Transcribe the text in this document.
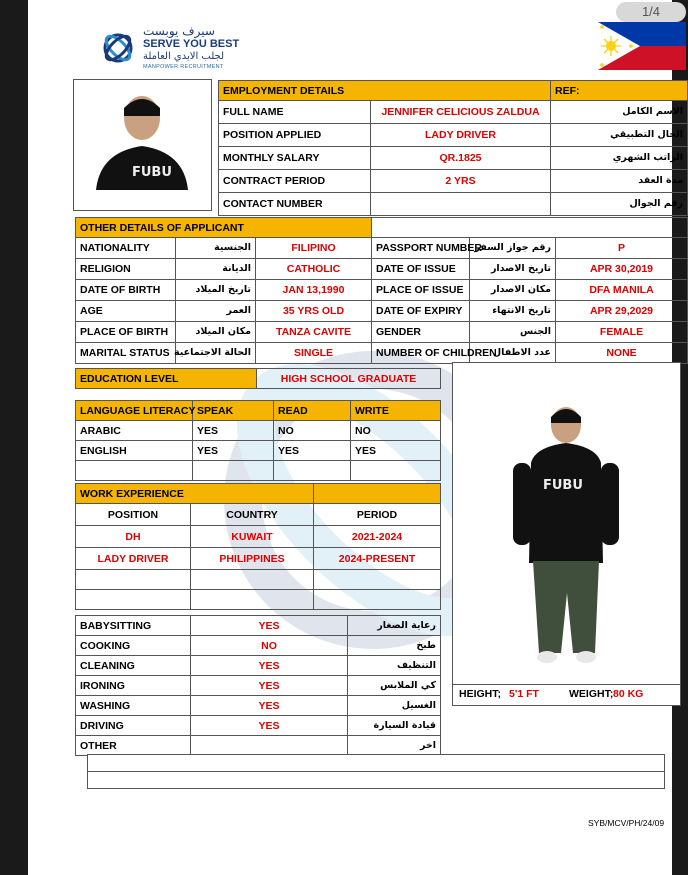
1/4
سيرف يوبست
SERVE YOU BEST
لجلب الايدي العاملة
MANPOWER RECRUITMENT
FUBU
EMPLOYMENT DETAILS		REF:
FULL NAME	JENNIFER CELICIOUS ZALDUA	الاسم الكامل
POSITION APPLIED	LADY DRIVER	الحال التطبيقي
MONTHLY SALARY	QR.1825	الراتب الشهري
CONTRACT PERIOD	2 YRS	مدة العقد
CONTACT NUMBER		رقم الجوال
OTHER DETAILS OF APPLICANT					
NATIONALITY	الجنسية	FILIPINO	PASSPORT NUMBER	رقم جواز السفر	P
RELIGION	الديانة	CATHOLIC	DATE OF ISSUE	تاريخ الاصدار	APR 30,2019
DATE OF BIRTH	تاريخ الميلاد	JAN 13,1990	PLACE OF ISSUE	مكان الاصدار	DFA MANILA
AGE	العمر	35 YRS OLD	DATE OF EXPIRY	تاريخ الانتهاء	APR 29,2029
PLACE OF BIRTH	مكان الميلاد	TANZA CAVITE	GENDER	الجنس	FEMALE
MARITAL STATUS	الحالة الاجتماعية	SINGLE	NUMBER OF CHILDREN	عدد الاطفال	NONE
EDUCATION LEVEL	HIGH SCHOOL GRADUATE
FUBU
LANGUAGE LITERACY	SPEAK	READ	WRITE
ARABIC	YES	NO	NO
ENGLISH	YES	YES	YES

WORK EXPERIENCE		
POSITION	COUNTRY	PERIOD
DH	KUWAIT	2021-2024
LADY DRIVER	PHILIPPINES	2024-PRESENT

BABYSITTING	YES	رعاية الصغار
COOKING	NO	طبخ
CLEANING	YES	التنظيف
IRONING	YES	كي الملابس
WASHING	YES	الغسيل
DRIVING	YES	قيادة السيارة
OTHER		اخر
HEIGHT; 5'1 FT	WEIGHT; 80 KG
SYB/MCV/PH/24/09
